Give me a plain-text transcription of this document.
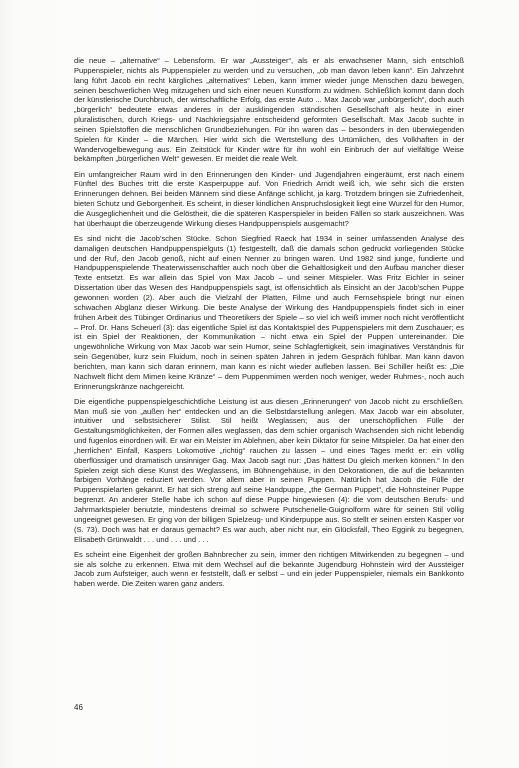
die neue – „alternative“ – Lebensform. Er war „Aussteiger“, als er als erwachsener Mann, sich entschloß Puppenspieler, nichts als Puppenspieler zu werden und zu versuchen, „ob man davon leben kann“. Ein Jahrzehnt lang führt Jacob ein recht kärgliches „alternatives“ Leben, kann immer wieder junge Menschen dazu bewegen, seinen beschwerlichen Weg mitzugehen und sich einer neuen Kunstform zu widmen. Schließlich kommt dann doch der künstlerische Durchbruch, der wirtschaftliche Erfolg, das erste Auto ... Max Jacob war „unbürgerlich“, doch auch „bürgerlich“ bedeutete etwas anderes in der ausklingenden ständischen Gesellschaft als heute in einer pluralistischen, durch Kriegs- und Nachkriegsjahre entscheidend geformten Gesellschaft. Max Jacob suchte in seinen Spielstoffen die menschlichen Grundbeziehungen. Für ihn waren das – besonders in den überwiegenden Spielen für Kinder – die Märchen. Hier wirkt sich die Wertstellung des Urtümlichen, des Volkhaften in der Wandervogelbewegung aus. Ein Zeitstück für Kinder wäre für ihn wohl ein Einbruch der auf vielfältige Weise bekämpften „bürgerlichen Welt“ gewesen. Er meidet die reale Welt.

Ein umfangreicher Raum wird in den Erinnerungen den Kinder- und Jugendjahren eingeräumt, erst nach einem Fünftel des Buches tritt die erste Kasperpuppe auf. Von Friedrich Arndt weiß ich, wie sehr sich die ersten Erinnerungen dehnen. Bei beiden Männern sind diese Anfänge schlicht, ja karg. Trotzdem bringen sie Zufriedenheit, bieten Schutz und Geborgenheit. Es scheint, in dieser kindlichen Anspruchslosigkeit liegt eine Wurzel für den Humor, die Ausgeglichenheit und die Gelöstheit, die die späteren Kasperspieler in beiden Fällen so stark auszeichnen. Was hat überhaupt die überzeugende Wirkung dieses Handpuppenspiels ausgemacht?

Es sind nicht die Jacob’schen Stücke. Schon Siegfried Raeck hat 1934 in seiner umfassenden Analyse des damaligen deutschen Handpuppenspielguts (1) festgestellt, daß die damals schon gedruckt vorliegenden Stücke und der Ruf, den Jacob genoß, nicht auf einen Nenner zu bringen waren. Und 1982 sind junge, fundierte und Handpuppenspielende Theaterwissenschaftler auch noch über die Gehaltlosigkeit und den Aufbau mancher dieser Texte entsetzt. Es war allein das Spiel von Max Jacob – und seiner Mitspieler. Was Fritz Eichler in seiner Dissertation über das Wesen des Handpuppenspiels sagt, ist offensichtlich als Einsicht an der Jacob’schen Puppe gewonnen worden (2). Aber auch die Vielzahl der Platten, Filme und auch Fernsehspiele bringt nur einen schwachen Abglanz dieser Wirkung. Die beste Analyse der Wirkung des Handpuppenspiels findet sich in einer frühen Arbeit des Tübinger Ordinarius und Theoretikers der Spiele – so viel ich weiß immer noch nicht veröffentlicht – Prof. Dr. Hans Scheuerl (3): das eigentliche Spiel ist das Kontaktspiel des Puppenspielers mit dem Zuschauer; es ist ein Spiel der Reaktionen, der Kommunikation – nicht etwa ein Spiel der Puppen untereinander. Die ungewöhnliche Wirkung von Max Jacob war sein Humor, seine Schlagfertigkeit, sein imaginatives Verständnis für sein Gegenüber, kurz sein Fluidum, noch in seinen späten Jahren in jedem Gespräch fühlbar. Man kann davon berichten, man kann sich daran erinnern, man kann es nicht wieder aufleben lassen. Bei Schiller heißt es: „Die Nachwelt flicht dem Mimen keine Kränze“ – dem Puppenmimen werden noch weniger, weder Ruhmes-, noch auch Erinnerungskränze nachgereicht.

Die eigentliche puppenspielgeschichtliche Leistung ist aus diesen „Erinnerungen“ von Jacob nicht zu erschließen. Man muß sie von „außen her“ entdecken und an die Selbstdarstellung anlegen. Max Jacob war ein absoluter, intuitiver und selbstsicherer Stilist. Stil heißt Weglassen; aus der unerschöpflichen Fülle der Gestaltungsmöglichkeiten, der Formen alles weglassen, das dem schier organisch Wachsenden sich nicht lebendig und fugenlos einordnen will. Er war ein Meister im Ablehnen, aber kein Diktator für seine Mitspieler. Da hat einer den „herrlichen“ Einfall, Kaspers Lokomotive „richtig“ rauchen zu lassen – und eines Tages merkt er: ein völlig überflüssiger und dramatisch unsinniger Gag. Max Jacob sagt nur: „Das hättest Du gleich merken können.“ In den Spielen zeigt sich diese Kunst des Weglassens, im Bühnengehäuse, in den Dekorationen, die auf die bekannten farbigen Vorhänge reduziert werden. Vor allem aber in seinen Puppen. Natürlich hat Jacob die Fülle der Puppenspielarten gekannt. Er hat sich streng auf seine Handpuppe, „the German Puppet“, die Hohnsteiner Puppe begrenzt. An anderer Stelle habe ich schon auf diese Puppe hingewiesen (4): die vom deutschen Berufs- und Jahrmarktspieler benutzte, mindestens dreimal so schwere Putschenelle-Guignolform wäre für seinen Stil völlig ungeeignet gewesen. Er ging von der billigen Spielzeug- und Kinderpuppe aus. So stellt er seinen ersten Kasper vor (S. 73). Doch was hat er daraus gemacht? Es war auch, aber nicht nur, ein Glücksfall, Theo Eggink zu begegnen, Elisabeth Grünwaldt . . . und . . . und . . .

Es scheint eine Eigenheit der großen Bahnbrecher zu sein, immer den richtigen Mitwirkenden zu begegnen – und sie als solche zu erkennen. Etwa mit dem Wechsel auf die bekannte Jugendburg Hohnstein wird der Aussteiger Jacob zum Aufsteiger, auch wenn er feststellt, daß er selbst – und ein jeder Puppenspieler, niemals ein Bankkonto haben werde. Die Zeiten waren ganz anders.

46
